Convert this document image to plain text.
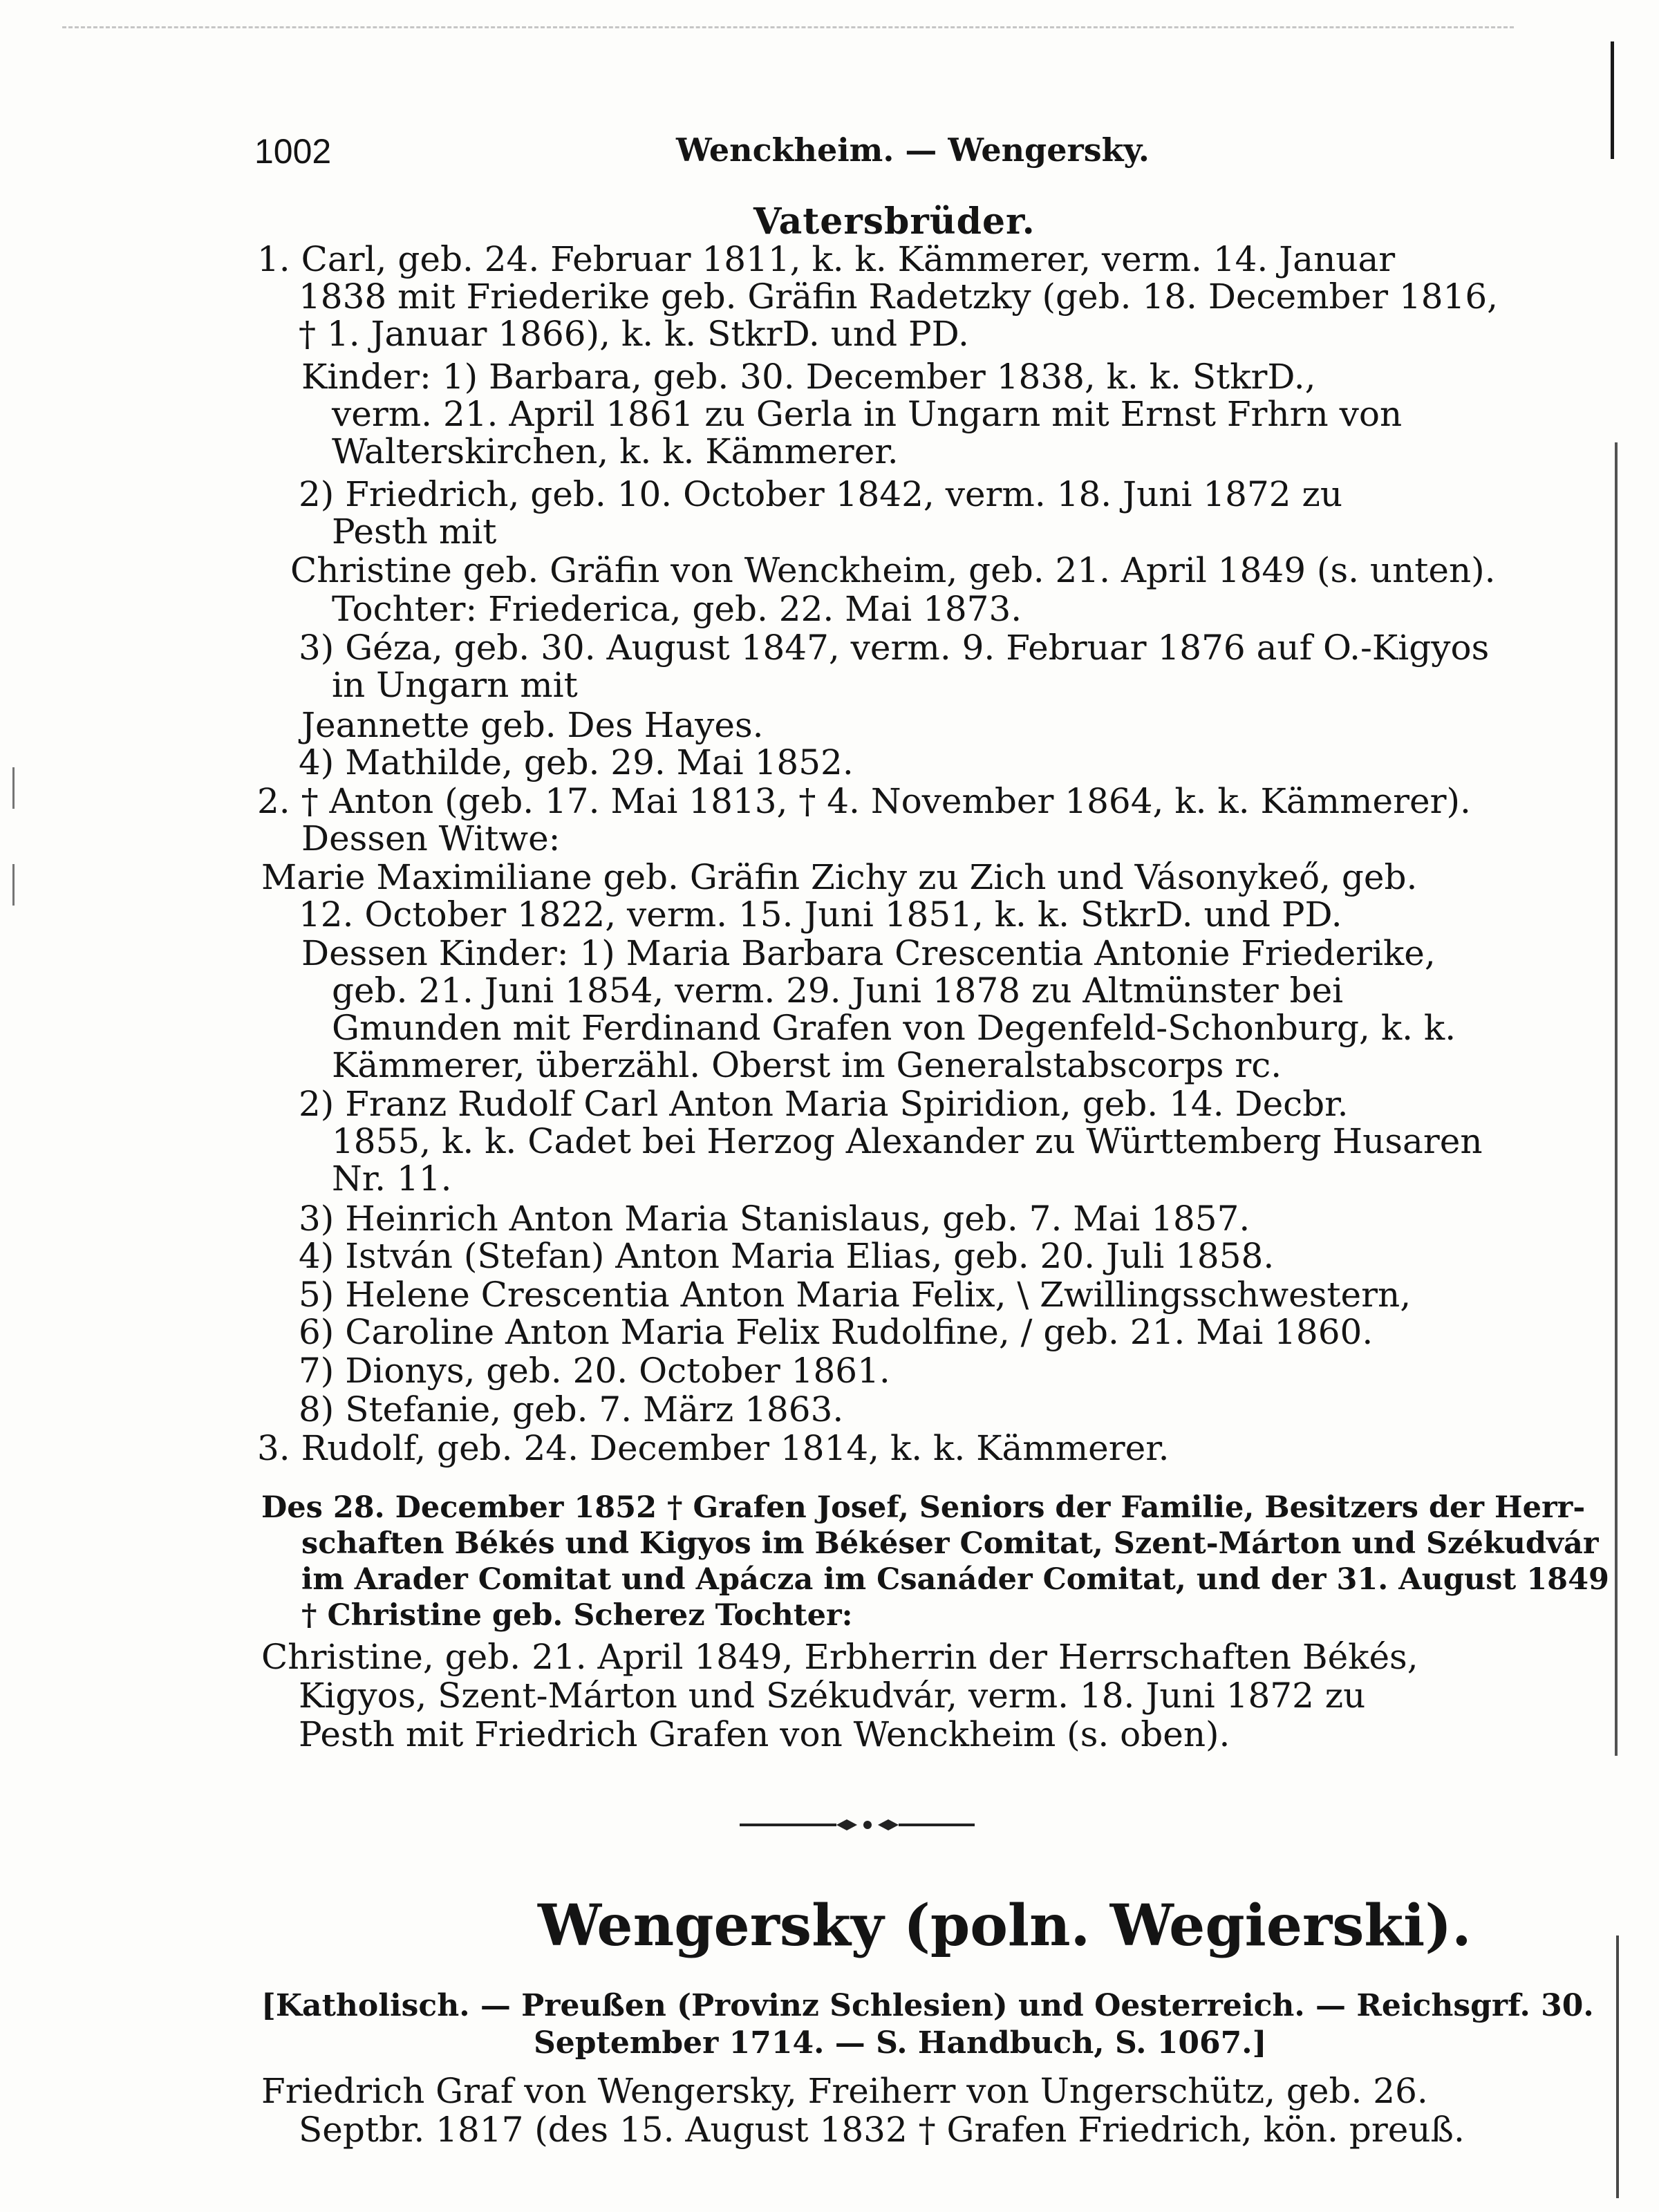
1002	Wenckheim. — Wengersky.
Vatersbrüder.
1. Carl, geb. 24. Februar 1811, k. k. Kämmerer, verm. 14. Januar
1838 mit Friederike geb. Gräfin Radetzky (geb. 18. December 1816,
† 1. Januar 1866), k. k. StkrD. und PD.
Kinder: 1) Barbara, geb. 30. December 1838, k. k. StkrD.,
verm. 21. April 1861 zu Gerla in Ungarn mit Ernst Frhrn von
Walterskirchen, k. k. Kämmerer.
2) Friedrich, geb. 10. October 1842, verm. 18. Juni 1872 zu
Pesth mit
Christine geb. Gräfin von Wenckheim, geb. 21. April 1849 (s. unten).
Tochter: Friederica, geb. 22. Mai 1873.
3) Géza, geb. 30. August 1847, verm. 9. Februar 1876 auf O.-Kigyos
in Ungarn mit
Jeannette geb. Des Hayes.
4) Mathilde, geb. 29. Mai 1852.
2. † Anton (geb. 17. Mai 1813, † 4. November 1864, k. k. Kämmerer).
Dessen Witwe:
Marie Maximiliane geb. Gräfin Zichy zu Zich und Vásonykeő, geb.
12. October 1822, verm. 15. Juni 1851, k. k. StkrD. und PD.
Dessen Kinder: 1) Maria Barbara Crescentia Antonie Friederike,
geb. 21. Juni 1854, verm. 29. Juni 1878 zu Altmünster bei
Gmunden mit Ferdinand Grafen von Degenfeld-Schonburg, k. k.
Kämmerer, überzähl. Oberst im Generalstabscorps rc.
2) Franz Rudolf Carl Anton Maria Spiridion, geb. 14. Decbr.
1855, k. k. Cadet bei Herzog Alexander zu Württemberg Husaren
Nr. 11.
3) Heinrich Anton Maria Stanislaus, geb. 7. Mai 1857.
4) István (Stefan) Anton Maria Elias, geb. 20. Juli 1858.
5) Helene Crescentia Anton Maria Felix, \ Zwillingsschwestern,
6) Caroline Anton Maria Felix Rudolfine, / geb. 21. Mai 1860.
7) Dionys, geb. 20. October 1861.
8) Stefanie, geb. 7. März 1863.
3. Rudolf, geb. 24. December 1814, k. k. Kämmerer.
Des 28. December 1852 † Grafen Josef, Seniors der Familie, Besitzers der Herr-
schaften Békés und Kigyos im Békéser Comitat, Szent-Márton und Székudvár
im Arader Comitat und Apácza im Csanáder Comitat, und der 31. August 1849
† Christine geb. Scherez Tochter:
Christine, geb. 21. April 1849, Erbherrin der Herrschaften Békés,
Kigyos, Szent-Márton und Székudvár, verm. 18. Juni 1872 zu
Pesth mit Friedrich Grafen von Wenckheim (s. oben).
Wengersky (poln. Wegierski).
[Katholisch. — Preußen (Provinz Schlesien) und Oesterreich. — Reichsgrf. 30.
September 1714. — S. Handbuch, S. 1067.]
Friedrich Graf von Wengersky, Freiherr von Ungerschütz, geb. 26.
Septbr. 1817 (des 15. August 1832 † Grafen Friedrich, kön. preuß.
